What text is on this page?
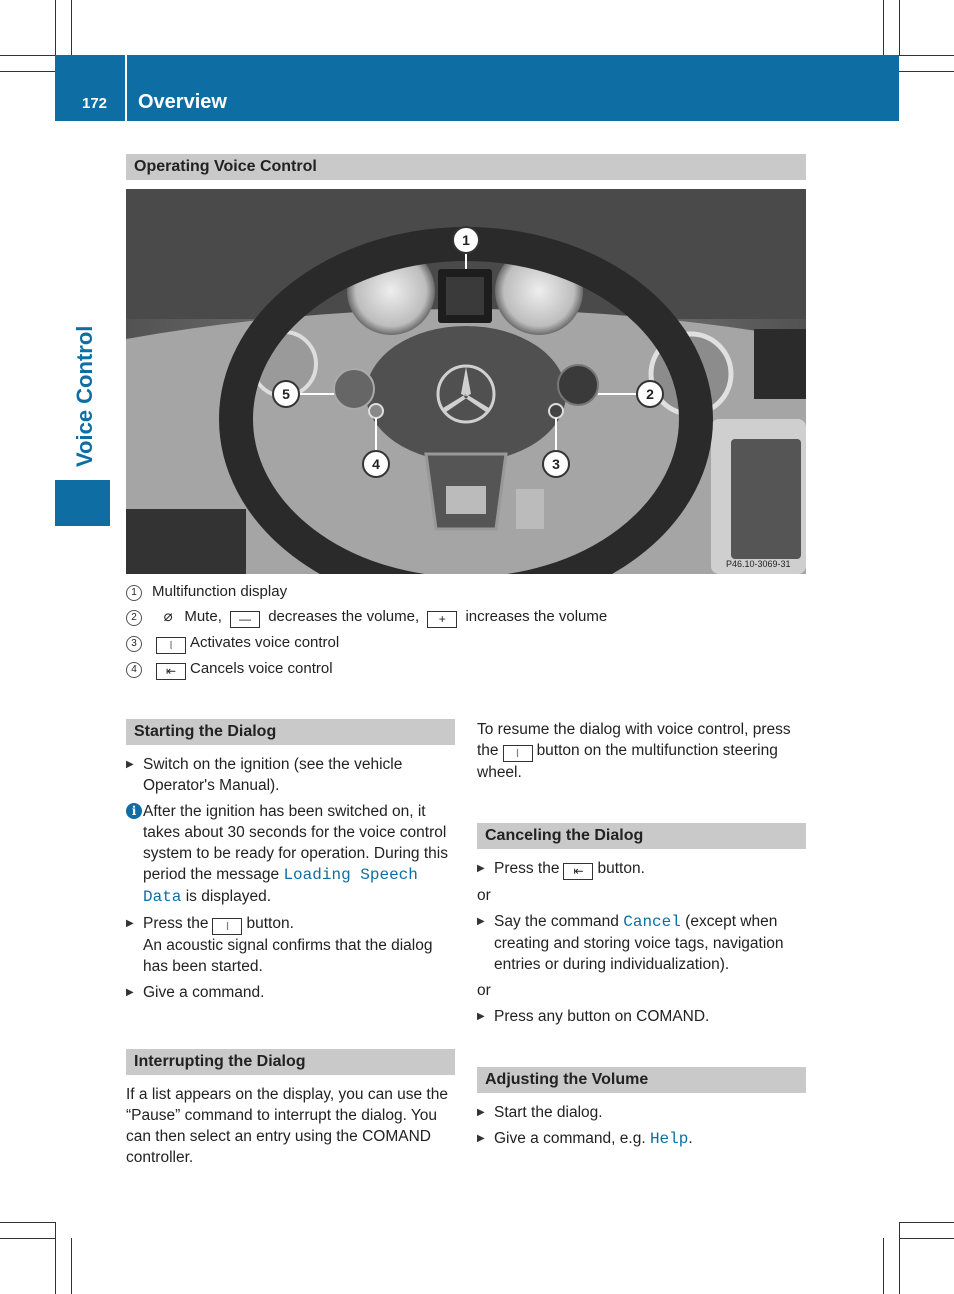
172 Overview
Voice Control
Operating Voice Control
1
2
3
4
5
P46.10-3069-31
1 Multifunction display
2 ⌀ Mute, — decreases the volume, + increases the volume
3	⧙ Activates voice control
4 ⇤ Cancels voice control
Starting the Dialog
▶ Switch on the ignition (see the vehicle Operator's Manual).
i After the ignition has been switched on, it takes about 30 seconds for the voice control system to be ready for operation. During this period the message Loading Speech Data is displayed.
▶ Press the ⧙ button.
An acoustic signal confirms that the dialog has been started.
▶ Give a command.
Interrupting the Dialog
If a list appears on the display, you can use the “Pause” command to interrupt the dialog. You can then select an entry using the COMAND controller.
To resume the dialog with voice control, press the ⧙ button on the multifunction steering wheel.
Canceling the Dialog
▶ Press the ⇤ button.
or
▶ Say the command Cancel (except when creating and storing voice tags, navigation entries or during individualization).
or
▶ Press any button on COMAND.
Adjusting the Volume
▶ Start the dialog.
▶ Give a command, e.g. Help.
